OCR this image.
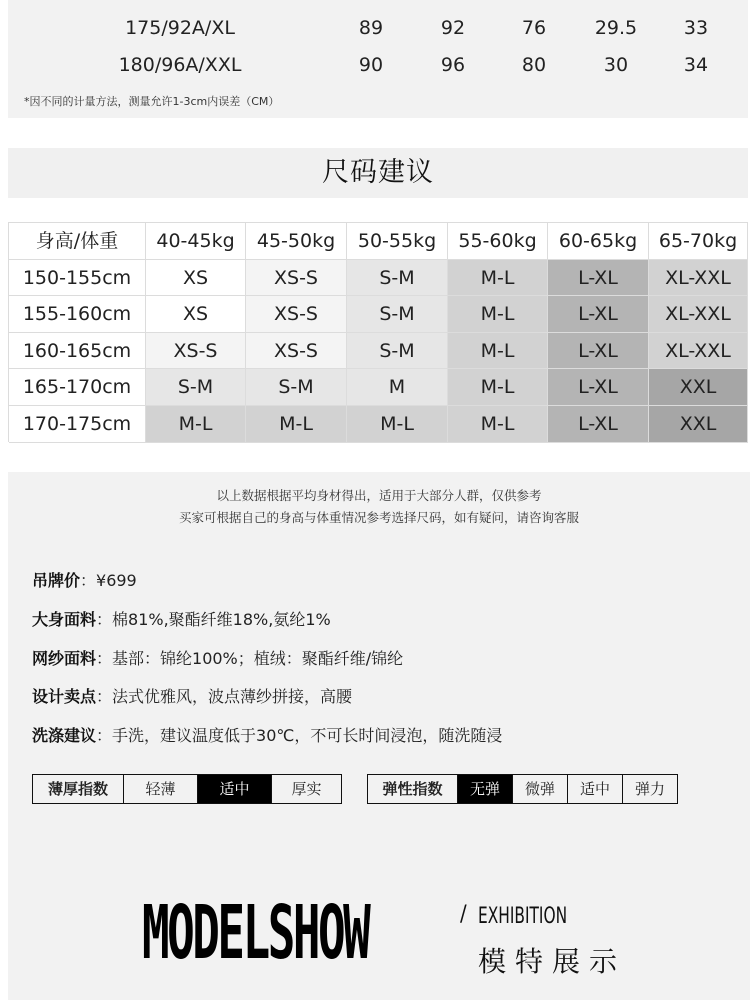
175/92A/XL	89	92	76	29.5	33
180/96A/XXL	90	96	80	30	34
*因不同的计量方法，测量允许1-3cm内误差（CM）
尺码建议
身高/体重	40-45kg	45-50kg	50-55kg	55-60kg	60-65kg	65-70kg
150-155cm	XS	XS-S	S-M	M-L	L-XL	XL-XXL
155-160cm	XS	XS-S	S-M	M-L	L-XL	XL-XXL
160-165cm	XS-S	XS-S	S-M	M-L	L-XL	XL-XXL
165-170cm	S-M	S-M	M	M-L	L-XL	XXL
170-175cm	M-L	M-L	M-L	M-L	L-XL	XXL
以上数据根据平均身材得出，适用于大部分人群，仅供参考
买家可根据自己的身高与体重情况参考选择尺码，如有疑问，请咨询客服
吊牌价：¥699
大身面料：棉81%,聚酯纤维18%,氨纶1%
网纱面料：基部：锦纶100%；植绒：聚酯纤维/锦纶
设计卖点：法式优雅风，波点薄纱拼接，高腰
洗涤建议：手洗，建议温度低于30℃，不可长时间浸泡，随洗随浸
薄厚指数	轻薄	适中	厚实	弹性指数	无弹	微弹	适中	弹力
MODELSHOW	/ EXHIBITION
模特展示
